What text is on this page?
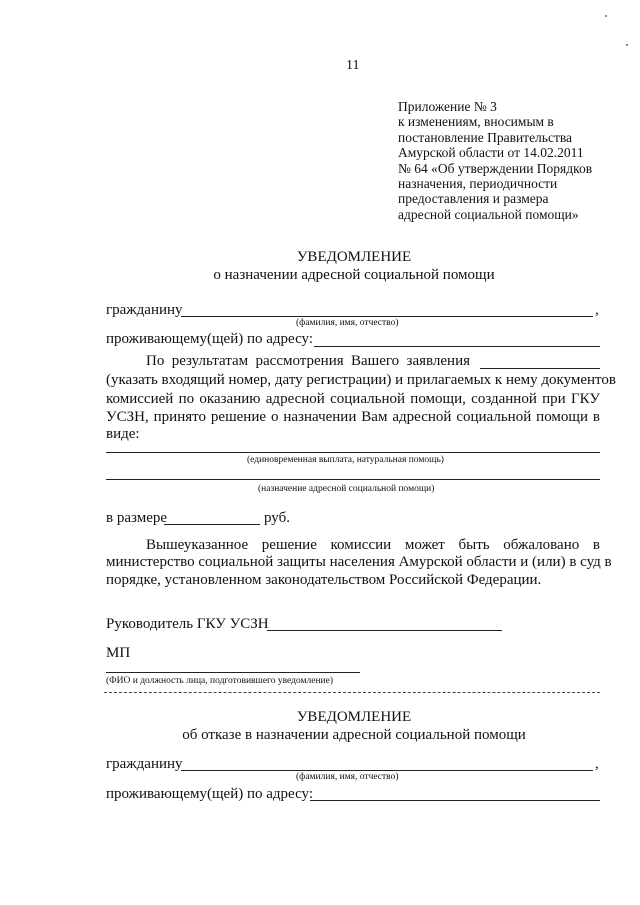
11
Приложение № 3
к изменениям, вносимым в
постановление Правительства
Амурской области от 14.02.2011
№ 64 «Об утверждении Порядков
назначения, периодичности
предоставления и размера
адресной социальной помощи»
УВЕДОМЛЕНИЕ
о назначении адресной социальной помощи
гражданину	,
(фамилия, имя, отчество)
проживающему(щей) по адресу:
По результатам рассмотрения Вашего заявления
(указать входящий номер, дату регистрации) и прилагаемых к нему документов
комиссией по оказанию адресной социальной помощи, созданной при ГКУ
УСЗН, принято решение о назначении Вам адресной социальной помощи в
виде:
(единовременная выплата, натуральная помощь)
(назначение адресной социальной помощи)
в размере	руб.
Вышеуказанное решение комиссии может быть обжаловано в
министерство социальной защиты населения Амурской области и (или) в суд в
порядке, установленном законодательством Российской Федерации.
Руководитель ГКУ УСЗН
МП
(ФИО и должность лица, подготовившего уведомление)
УВЕДОМЛЕНИЕ
об отказе в назначении адресной социальной помощи
гражданину	,
(фамилия, имя, отчество)
проживающему(щей) по адресу:
